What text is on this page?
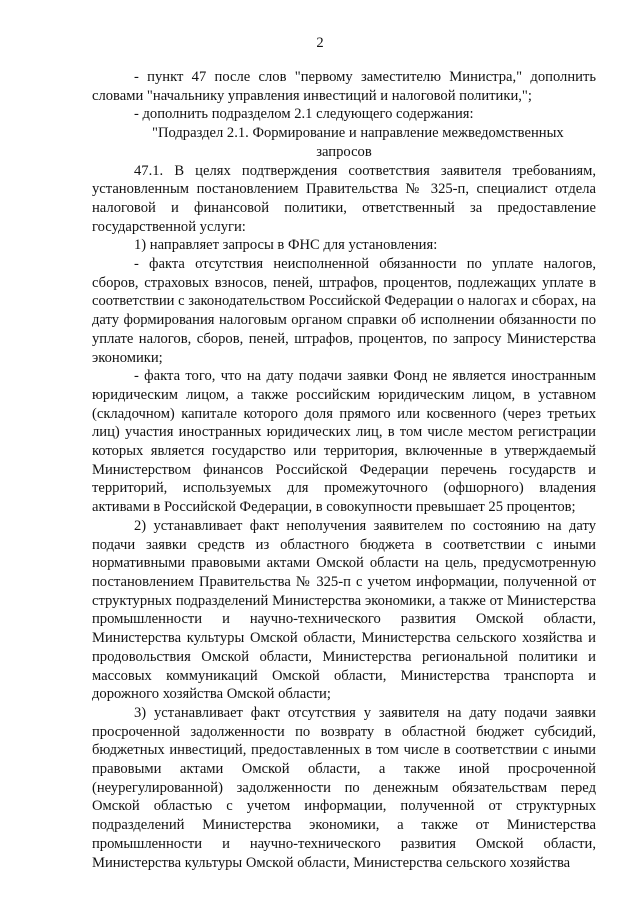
2

- пункт 47 после слов "первому заместителю Министра," дополнить словами "начальнику управления инвестиций и налоговой политики,";

- дополнить подразделом 2.1 следующего содержания:

"Подраздел 2.1. Формирование и направление межведомственных

запросов

47.1. В целях подтверждения соответствия заявителя требованиям, установленным постановлением Правительства № 325-п, специалист отдела налоговой и финансовой политики, ответственный за предоставление государственной услуги:

1) направляет запросы в ФНС для установления:

- факта отсутствия неисполненной обязанности по уплате налогов, сборов, страховых взносов, пеней, штрафов, процентов, подлежащих уплате в соответствии с законодательством Российской Федерации о налогах и сборах, на дату формирования налоговым органом справки об исполнении обязанности по уплате налогов, сборов, пеней, штрафов, процентов, по запросу Министерства экономики;

- факта того, что на дату подачи заявки Фонд не является иностранным юридическим лицом, а также российским юридическим лицом, в уставном (складочном) капитале которого доля прямого или косвенного (через третьих лиц) участия иностранных юридических лиц, в том числе местом регистрации которых является государство или территория, включенные в утверждаемый Министерством финансов Российской Федерации перечень государств и территорий, используемых для промежуточного (офшорного) владения активами в Российской Федерации, в совокупности превышает 25 процентов;

2) устанавливает факт неполучения заявителем по состоянию на дату подачи заявки средств из областного бюджета в соответствии с иными нормативными правовыми актами Омской области на цель, предусмотренную постановлением Правительства № 325-п с учетом информации, полученной от структурных подразделений Министерства экономики, а также от Министерства промышленности и научно-технического развития Омской области, Министерства культуры Омской области, Министерства сельского хозяйства и продовольствия Омской области, Министерства региональной политики и массовых коммуникаций Омской области, Министерства транспорта и дорожного хозяйства Омской области;

3) устанавливает факт отсутствия у заявителя на дату подачи заявки просроченной задолженности по возврату в областной бюджет субсидий, бюджетных инвестиций, предоставленных в том числе в соответствии с иными правовыми актами Омской области, а также иной просроченной (неурегулированной) задолженности по денежным обязательствам перед Омской областью с учетом информации, полученной от структурных подразделений Министерства экономики, а также от Министерства промышленности и научно-технического развития Омской области, Министерства культуры Омской области, Министерства сельского хозяйства
